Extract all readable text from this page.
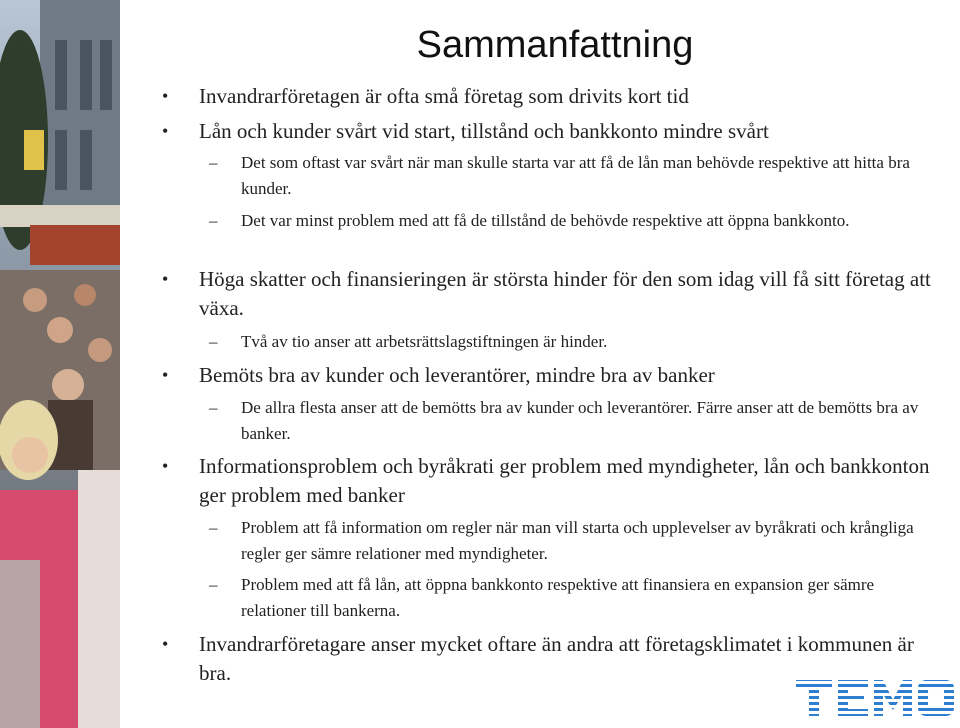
Sammanfattning
• Invandrarföretagen är ofta små företag som drivits kort tid
• Lån och kunder svårt vid start, tillstånd och bankkonto mindre svårt
–	Det som oftast var svårt när man skulle starta var att få de lån man behövde respektive att hitta bra kunder.
–	Det var minst problem med att få de tillstånd de behövde respektive att öppna bankkonto.
• Höga skatter och finansieringen är största hinder för den som idag vill få sitt företag att växa.
–	Två av tio anser att arbetsrättslagstiftningen är hinder.
• Bemöts bra av kunder och leverantörer, mindre bra av banker
–	De allra flesta anser att de bemötts bra av kunder och leverantörer. Färre anser att de bemötts bra av banker.
• Informationsproblem och byråkrati ger problem med myndigheter, lån och bankkonton ger problem med banker
–	Problem att få information om regler när man vill starta och upplevelser av byråkrati och krångliga regler ger sämre relationer med myndigheter.
–	Problem med att få lån, att öppna bankkonto respektive att finansiera en expansion ger sämre relationer till bankerna.
• Invandrarföretagare anser mycket oftare än andra att företagsklimatet i kommunen är bra.
